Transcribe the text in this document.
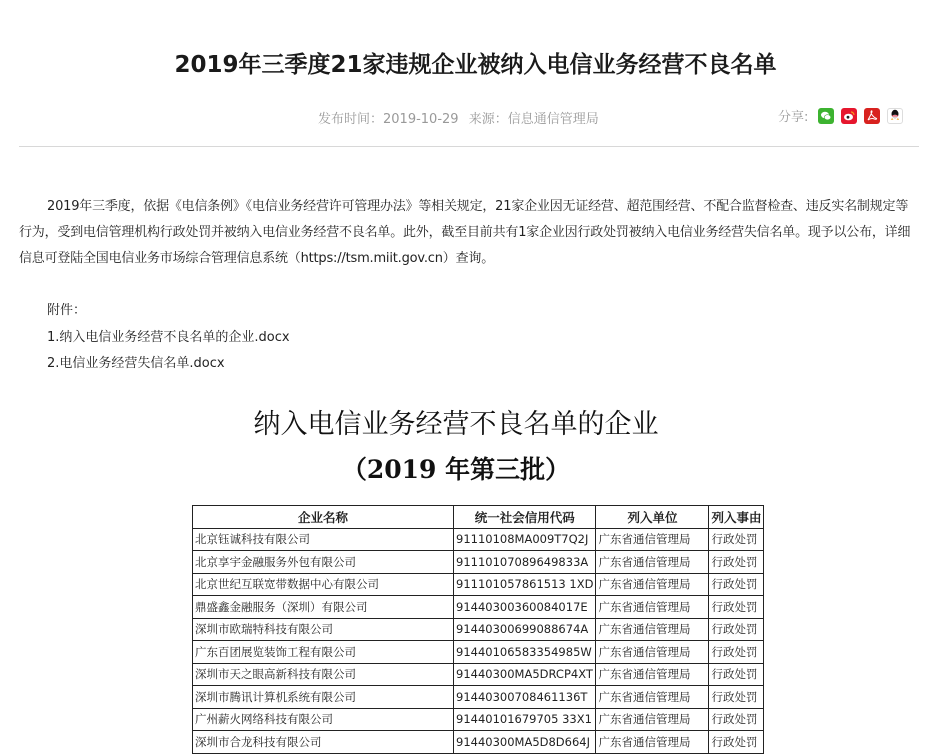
2019年三季度21家违规企业被纳入电信业务经营不良名单
发布时间：2019-10-29 来源：信息通信管理局	分享:

2019年三季度，依据《电信条例》《电信业务经营许可管理办法》等相关规定，21家企业因无证经营、超范围经营、不配合监督检查、违反实名制规定等行为，受到电信管理机构行政处罚并被纳入电信业务经营不良名单。此外，截至目前共有1家企业因行政处罚被纳入电信业务经营失信名单。现予以公布，详细信息可登陆全国电信业务市场综合管理信息系统（https://tsm.miit.gov.cn）查询。

附件：
1.纳入电信业务经营不良名单的企业.docx
2.电信业务经营失信名单.docx
纳入电信业务经营不良名单的企业
（2019 年第三批）
企业名称	统一社会信用代码	列入单位	列入事由
北京钰诚科技有限公司	91110108MA009T7Q2J	广东省通信管理局	行政处罚
北京享宇金融服务外包有限公司	91110107089649833A	广东省通信管理局	行政处罚
北京世纪互联宽带数据中心有限公司	911101057861513 1XD	广东省通信管理局	行政处罚
鼎盛鑫金融服务（深圳）有限公司	91440300360084017E	广东省通信管理局	行政处罚
深圳市欧瑞特科技有限公司	91440300699088674A	广东省通信管理局	行政处罚
广东百团展览装饰工程有限公司	91440106583354985W	广东省通信管理局	行政处罚
深圳市天之眼高新科技有限公司	91440300MA5DRCP4XT	广东省通信管理局	行政处罚
深圳市腾讯计算机系统有限公司	91440300708461136T	广东省通信管理局	行政处罚
广州薪火网络科技有限公司	91440101679705 33X1	广东省通信管理局	行政处罚
深圳市合龙科技有限公司	91440300MA5D8D664J	广东省通信管理局	行政处罚
